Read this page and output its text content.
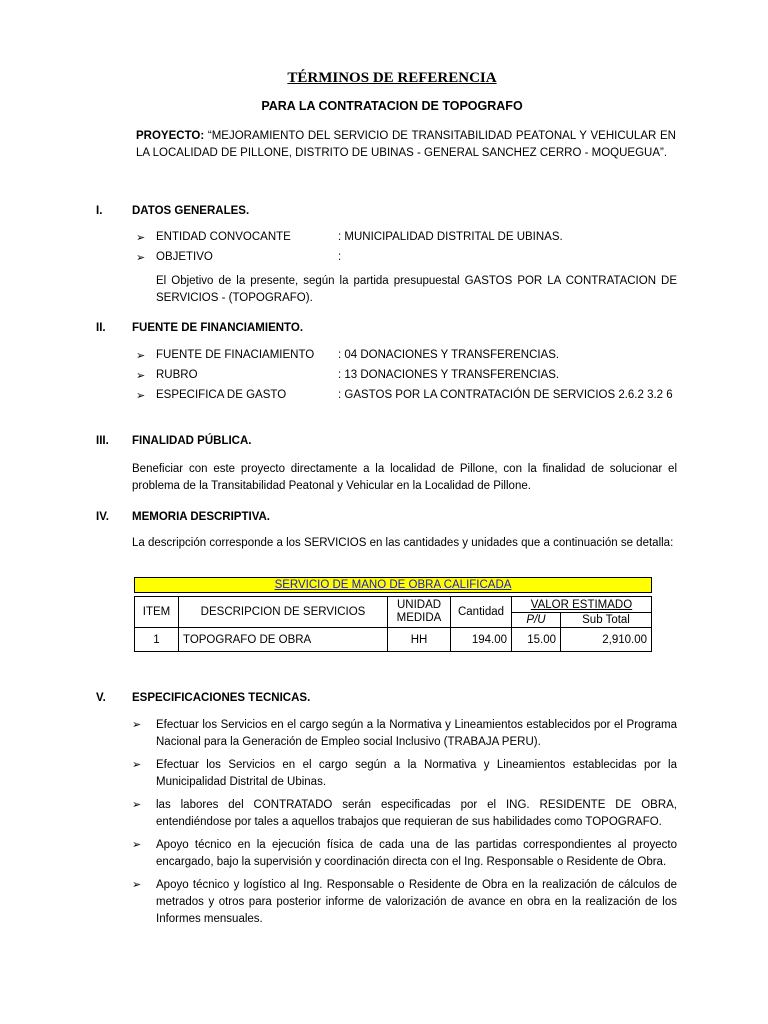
TÉRMINOS DE REFERENCIA
PARA LA CONTRATACION DE TOPOGRAFO
PROYECTO: “MEJORAMIENTO DEL SERVICIO DE TRANSITABILIDAD PEATONAL Y VEHICULAR EN LA LOCALIDAD DE PILLONE, DISTRITO DE UBINAS - GENERAL SANCHEZ CERRO - MOQUEGUA”.
I.	DATOS GENERALES.
➢ ENTIDAD CONVOCANTE	: MUNICIPALIDAD DISTRITAL DE UBINAS.
➢ OBJETIVO	:
El Objetivo de la presente, según la partida presupuestal GASTOS POR LA CONTRATACION DE SERVICIOS - (TOPOGRAFO).
II. FUENTE DE FINANCIAMIENTO.
➢ FUENTE DE FINACIAMIENTO : 04 DONACIONES Y TRANSFERENCIAS.
➢ RUBRO	: 13 DONACIONES Y TRANSFERENCIAS.
➢ ESPECIFICA DE GASTO	: GASTOS POR LA CONTRATACIÓN DE SERVICIOS 2.6.2 3.2 6
III. FINALIDAD PÚBLICA.
Beneficiar con este proyecto directamente a la localidad de Pillone, con la finalidad de solucionar el problema de la Transitabilidad Peatonal y Vehicular en la Localidad de Pillone.
IV. MEMORIA DESCRIPTIVA.
La descripción corresponde a los SERVICIOS en las cantidades y unidades que a continuación se detalla:
SERVICIO DE MANO DE OBRA CALIFICADA
ITEM	DESCRIPCION DE SERVICIOS	UNIDAD MEDIDA	Cantidad	VALOR ESTIMADO	
				P/U	Sub Total
1	TOPOGRAFO DE OBRA	HH	194.00	15.00	2,910.00
V. ESPECIFICACIONES TECNICAS.
➢ Efectuar los Servicios en el cargo según a la Normativa y Lineamientos establecidos por el Programa Nacional para la Generación de Empleo social Inclusivo (TRABAJA PERU).
➢ Efectuar los Servicios en el cargo según a la Normativa y Lineamientos establecidas por la Municipalidad Distrital de Ubinas.
➢ las labores del CONTRATADO serán especificadas por el ING. RESIDENTE DE OBRA, entendiéndose por tales a aquellos trabajos que requieran de sus habilidades como TOPOGRAFO.
➢ Apoyo técnico en la ejecución física de cada una de las partidas correspondientes al proyecto encargado, bajo la supervisión y coordinación directa con el Ing. Responsable o Residente de Obra.
➢ Apoyo técnico y logístico al Ing. Responsable o Residente de Obra en la realización de cálculos de metrados y otros para posterior informe de valorización de avance en obra en la realización de los Informes mensuales.
